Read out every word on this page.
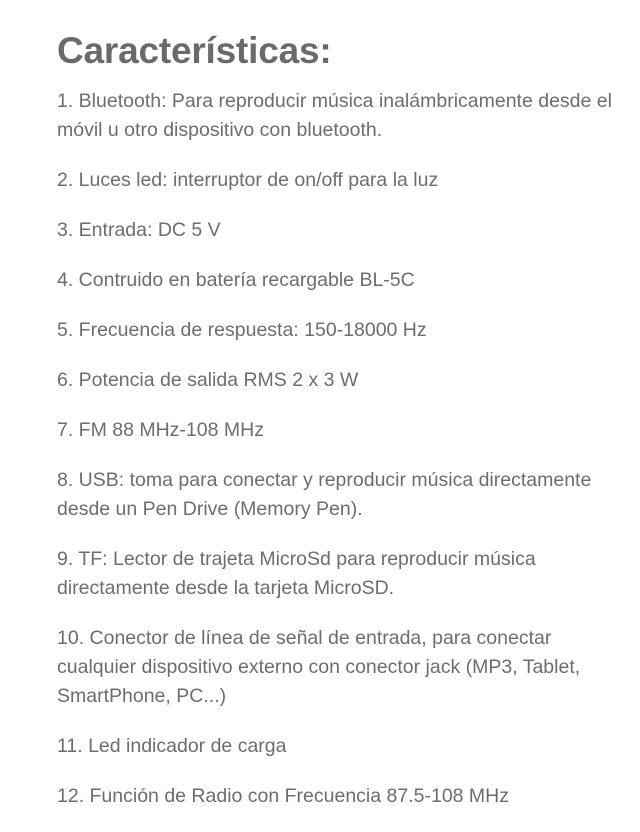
Características:
1. Bluetooth: Para reproducir música inalámbricamente desde el móvil u otro dispositivo con bluetooth.
2. Luces led: interruptor de on/off para la luz
3. Entrada: DC 5 V
4. Contruido en batería recargable BL-5C
5. Frecuencia de respuesta: 150-18000 Hz
6. Potencia de salida RMS 2 x 3 W
7. FM 88 MHz-108 MHz
8. USB: toma para conectar y reproducir música directamente desde un Pen Drive (Memory Pen).
9. TF: Lector de trajeta MicroSd para reproducir música directamente desde la tarjeta MicroSD.
10. Conector de línea de señal de entrada, para conectar cualquier dispositivo externo con conector jack (MP3, Tablet, SmartPhone, PC...)
11. Led indicador de carga
12. Función de Radio con Frecuencia 87.5-108 MHz
